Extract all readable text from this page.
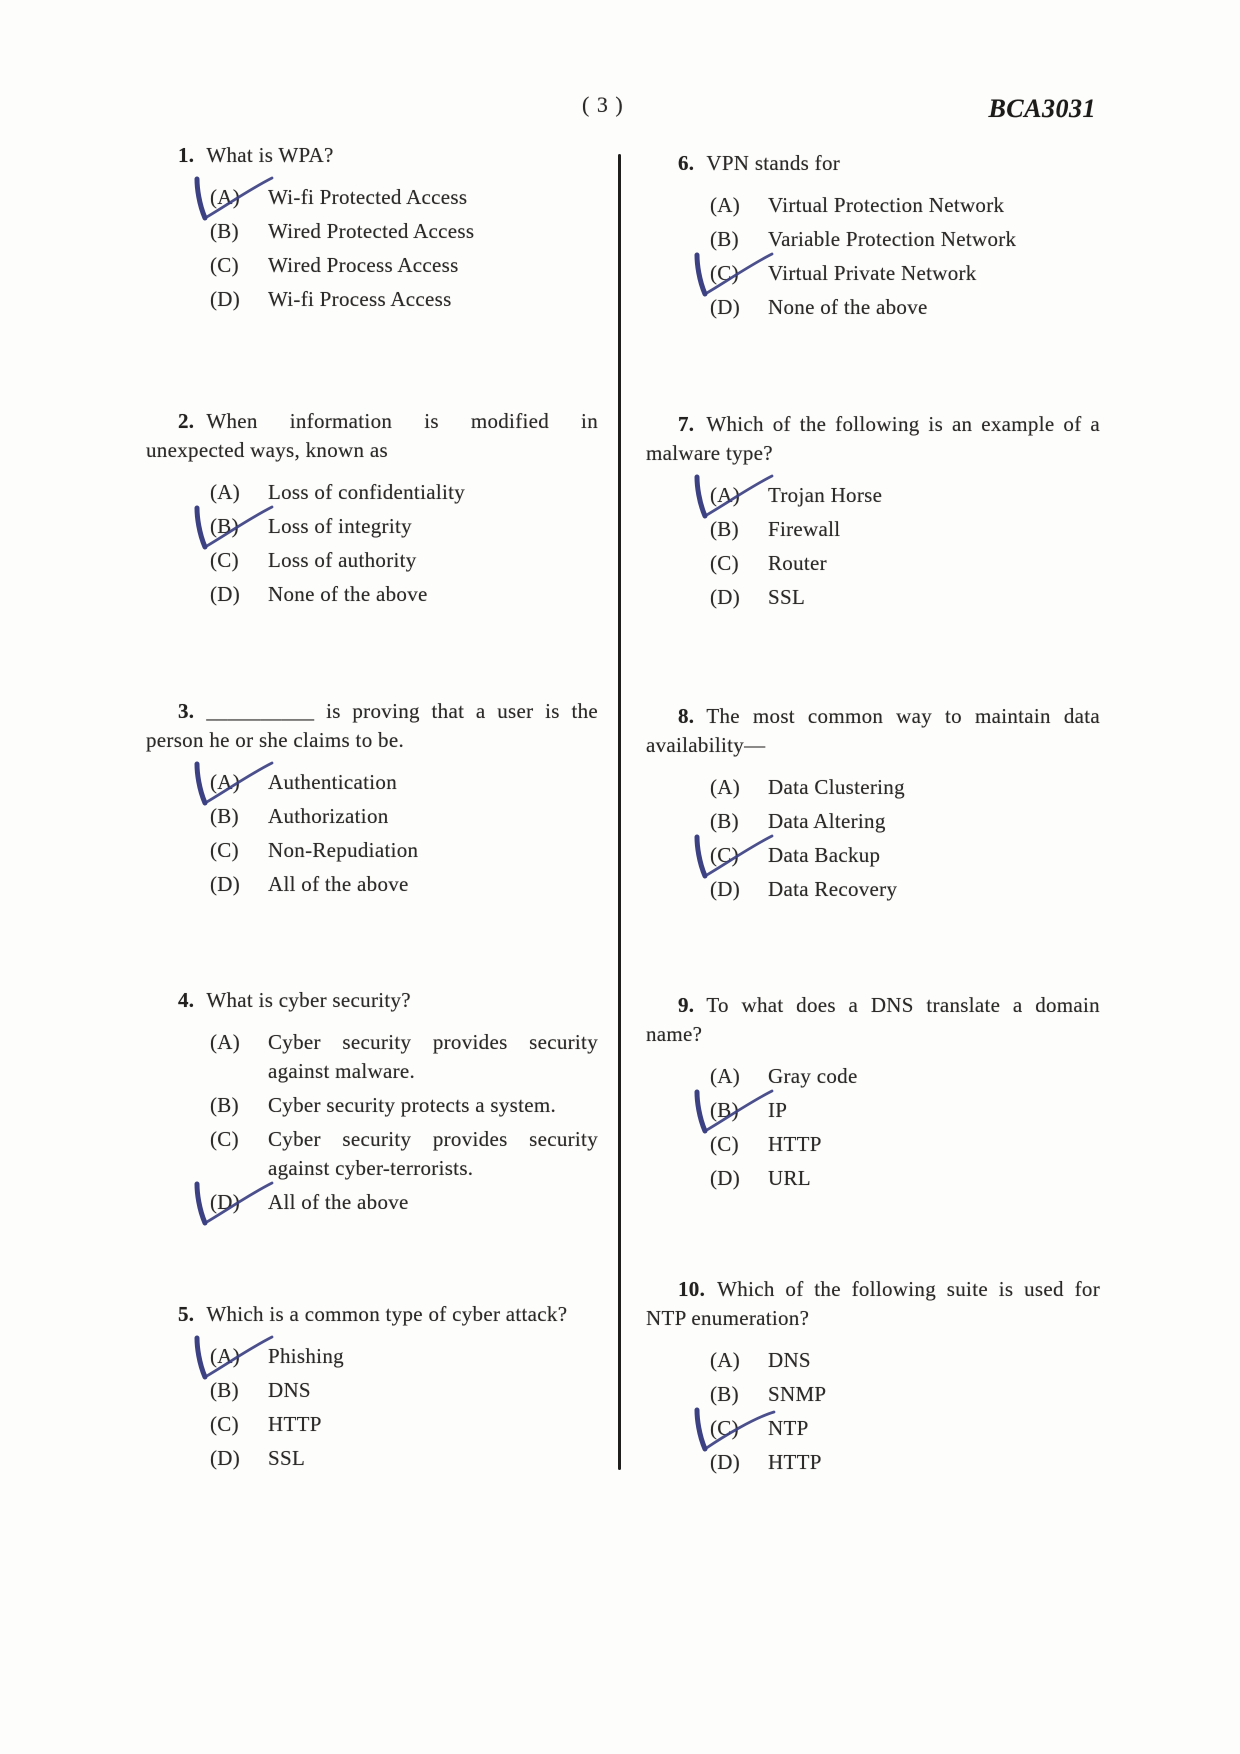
( 3 )	BCA3031

1. What is WPA?

(A)	Wi-fi Protected Access
(B)	Wired Protected Access
(C)	Wired Process Access
(D)	Wi-fi Process Access

2. When information is modified in
unexpected ways, known as

(A)	Loss of confidentiality
(B)	Loss of integrity
(C)	Loss of authority
(D)	None of the above

3. __________ is proving that a user is the
person he or she claims to be.

(A)	Authentication
(B)	Authorization
(C)	Non-Repudiation
(D)	All of the above

4. What is cyber security?

(A)	Cyber security provides security against malware.
(B)	Cyber security protects a system.
(C)	Cyber security provides security against cyber-terrorists.
(D)	All of the above

5. Which is a common type of cyber attack?

(A)	Phishing
(B)	DNS
(C)	HTTP
(D)	SSL

6. VPN stands for

(A)	Virtual Protection Network
(B)	Variable Protection Network
(C)	Virtual Private Network
(D)	None of the above

7. Which of the following is an example of a
malware type?

(A)	Trojan Horse
(B)	Firewall
(C)	Router
(D)	SSL

8. The most common way to maintain data
availability—

(A)	Data Clustering
(B)	Data Altering
(C)	Data Backup
(D)	Data Recovery

9. To what does a DNS translate a domain
name?

(A)	Gray code
(B)	IP
(C)	HTTP
(D)	URL

10. Which of the following suite is used for
NTP enumeration?

(A)	DNS
(B)	SNMP
(C)	NTP
(D)	HTTP
